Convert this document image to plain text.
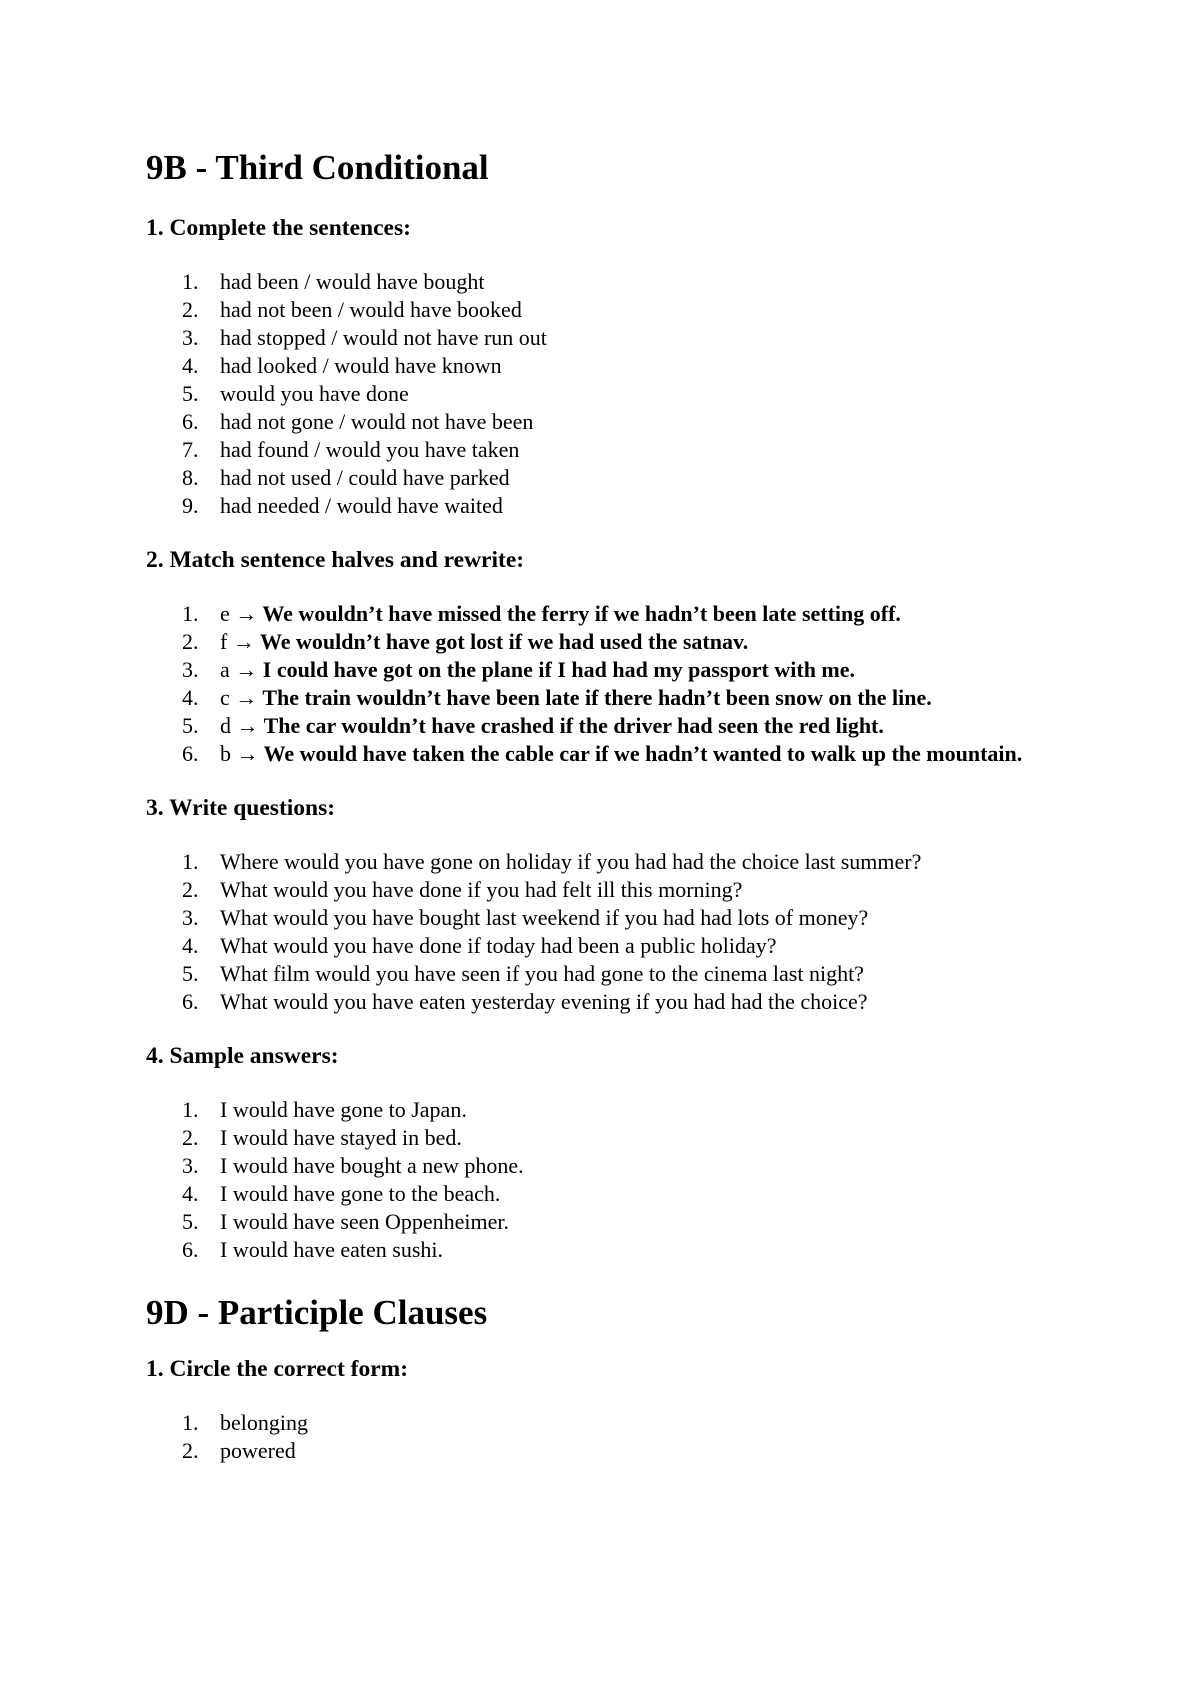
9B - Third Conditional
1. Complete the sentences:
1. had been / would have bought
2. had not been / would have booked
3. had stopped / would not have run out
4. had looked / would have known
5. would you have done
6. had not gone / would not have been
7. had found / would you have taken
8. had not used / could have parked
9. had needed / would have waited
2. Match sentence halves and rewrite:
1. e → We wouldn’t have missed the ferry if we hadn’t been late setting off.
2. f → We wouldn’t have got lost if we had used the satnav.
3. a → I could have got on the plane if I had had my passport with me.
4. c → The train wouldn’t have been late if there hadn’t been snow on the line.
5. d → The car wouldn’t have crashed if the driver had seen the red light.
6. b → We would have taken the cable car if we hadn’t wanted to walk up the mountain.
3. Write questions:
1. Where would you have gone on holiday if you had had the choice last summer?
2. What would you have done if you had felt ill this morning?
3. What would you have bought last weekend if you had had lots of money?
4. What would you have done if today had been a public holiday?
5. What film would you have seen if you had gone to the cinema last night?
6. What would you have eaten yesterday evening if you had had the choice?
4. Sample answers:
1. I would have gone to Japan.
2. I would have stayed in bed.
3. I would have bought a new phone.
4. I would have gone to the beach.
5. I would have seen Oppenheimer.
6. I would have eaten sushi.
9D - Participle Clauses
1. Circle the correct form:
1. belonging
2. powered
